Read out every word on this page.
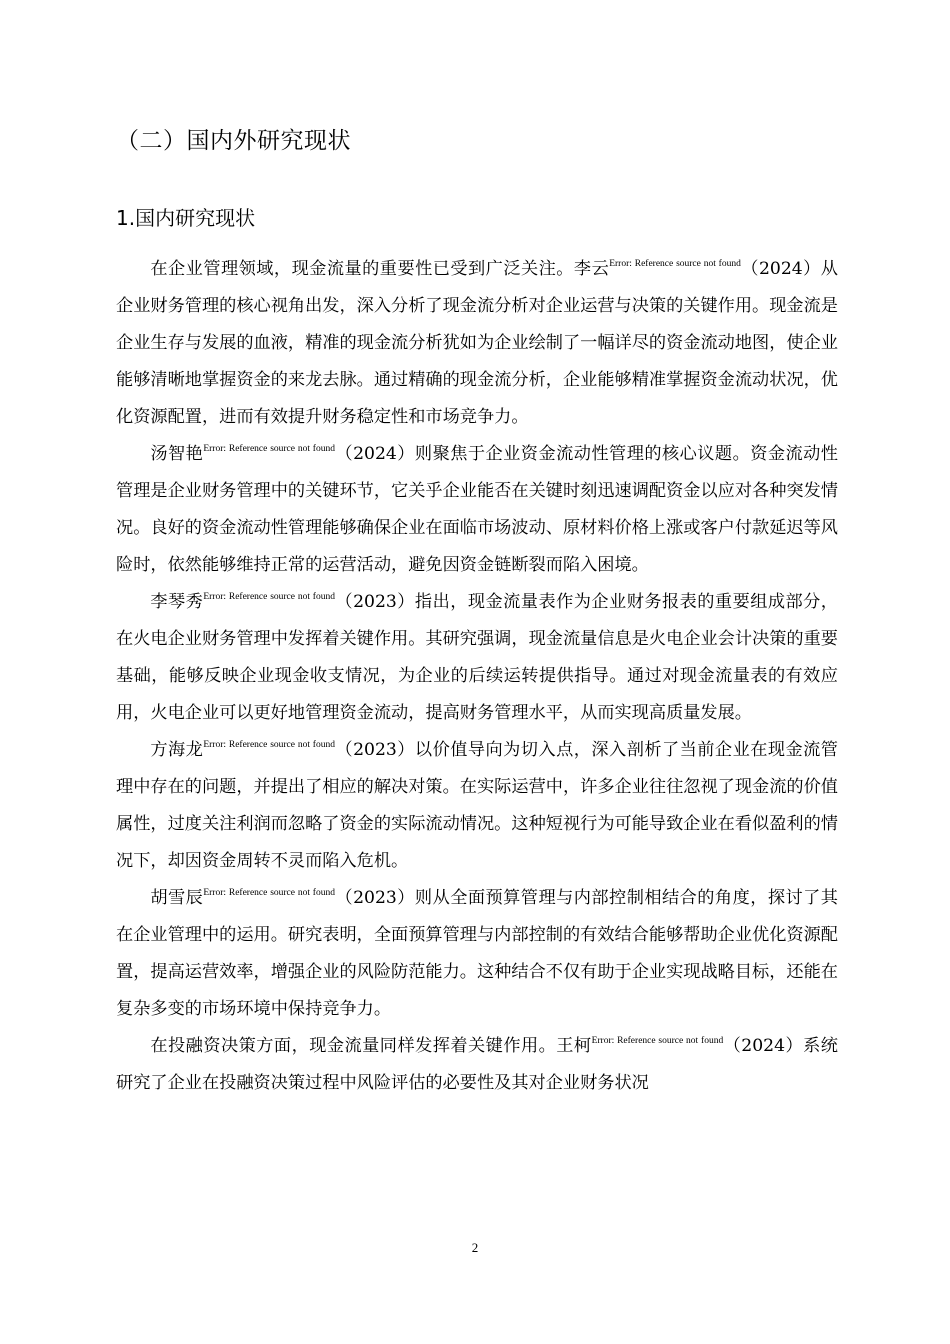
（二）国内外研究现状
1.国内研究现状

在企业管理领域，现金流量的重要性已受到广泛关注。李云$^{Error: Reference source not found}$（2024）从企业财务管理的核心视角出发，深入分析了现金流分析对企业运营与决策的关键作用。现金流是企业生存与发展的血液，精准的现金流分析犹如为企业绘制了一幅详尽的资金流动地图，使企业能够清晰地掌握资金的来龙去脉。通过精确的现金流分析，企业能够精准掌握资金流动状况，优化资源配置，进而有效提升财务稳定性和市场竞争力。

汤智艳$^{Error: Reference source not found}$（2024）则聚焦于企业资金流动性管理的核心议题。资金流动性管理是企业财务管理中的关键环节，它关乎企业能否在关键时刻迅速调配资金以应对各种突发情况。良好的资金流动性管理能够确保企业在面临市场波动、原材料价格上涨或客户付款延迟等风险时，依然能够维持正常的运营活动，避免因资金链断裂而陷入困境。

李琴秀$^{Error: Reference source not found}$（2023）指出，现金流量表作为企业财务报表的重要组成部分，在火电企业财务管理中发挥着关键作用。其研究强调，现金流量信息是火电企业会计决策的重要基础，能够反映企业现金收支情况，为企业的后续运转提供指导。通过对现金流量表的有效应用，火电企业可以更好地管理资金流动，提高财务管理水平，从而实现高质量发展。

方海龙$^{Error: Reference source not found}$（2023）以价值导向为切入点，深入剖析了当前企业在现金流管理中存在的问题，并提出了相应的解决对策。在实际运营中，许多企业往往忽视了现金流的价值属性，过度关注利润而忽略了资金的实际流动情况。这种短视行为可能导致企业在看似盈利的情况下，却因资金周转不灵而陷入危机。

胡雪辰$^{Error: Reference source not found}$（2023）则从全面预算管理与内部控制相结合的角度，探讨了其在企业管理中的运用。研究表明，全面预算管理与内部控制的有效结合能够帮助企业优化资源配置，提高运营效率，增强企业的风险防范能力。这种结合不仅有助于企业实现战略目标，还能在复杂多变的市场环境中保持竞争力。

在投融资决策方面，现金流量同样发挥着关键作用。王柯$^{Error: Reference source not found}$（2024）系统研究了企业在投融资决策过程中风险评估的必要性及其对企业财务状况

2
